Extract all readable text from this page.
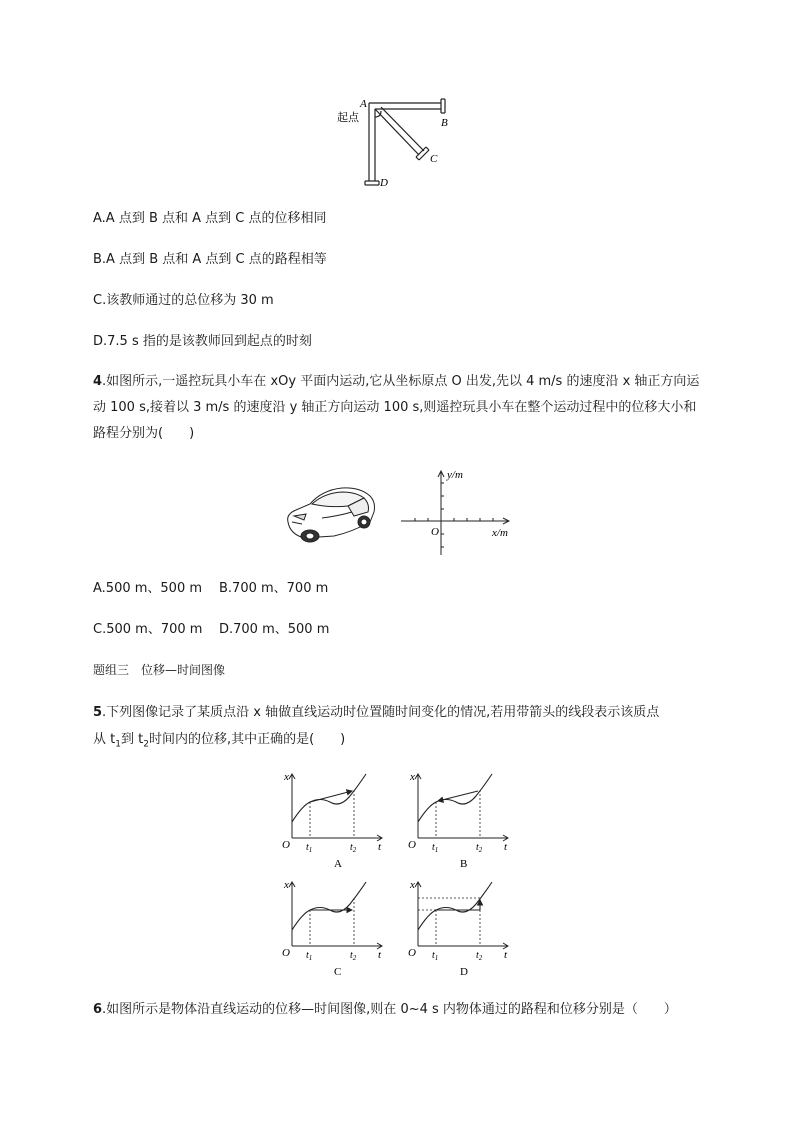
A
起点	B
C
D
A.A 点到 B 点和 A 点到 C 点的位移相同
B.A 点到 B 点和 A 点到 C 点的路程相等
C.该教师通过的总位移为 30 m
D.7.5 s 指的是该教师回到起点的时刻
4.如图所示,一遥控玩具小车在 xOy 平面内运动,它从坐标原点 O 出发,先以 4 m/s 的速度沿 x 轴正方向运动 100 s,接着以 3 m/s 的速度沿 y 轴正方向运动 100 s,则遥控玩具小车在整个运动过程中的位移大小和路程分别为(　　)
y/m
x/m
O
A.500 m、500 m B.700 m、700 m
C.500 m、700 m D.700 m、500 m
题组三　位移—时间图像
5.下列图像记录了某质点沿 x 轴做直线运动时位置随时间变化的情况,若用带箭头的线段表示该质点
从 $t_1$到 $t_2$时间内的位移,其中正确的是(　　)
x
O	t
$t_1$	$t_2$
A
x
O	t
$t_1$	$t_2$
B
x
O	t
$t_1$	$t_2$
C
x
O	t
$t_1$	$t_2$
D
6.如图所示是物体沿直线运动的位移—时间图像,则在 0~4 s 内物体通过的路程和位移分别是（　　）
